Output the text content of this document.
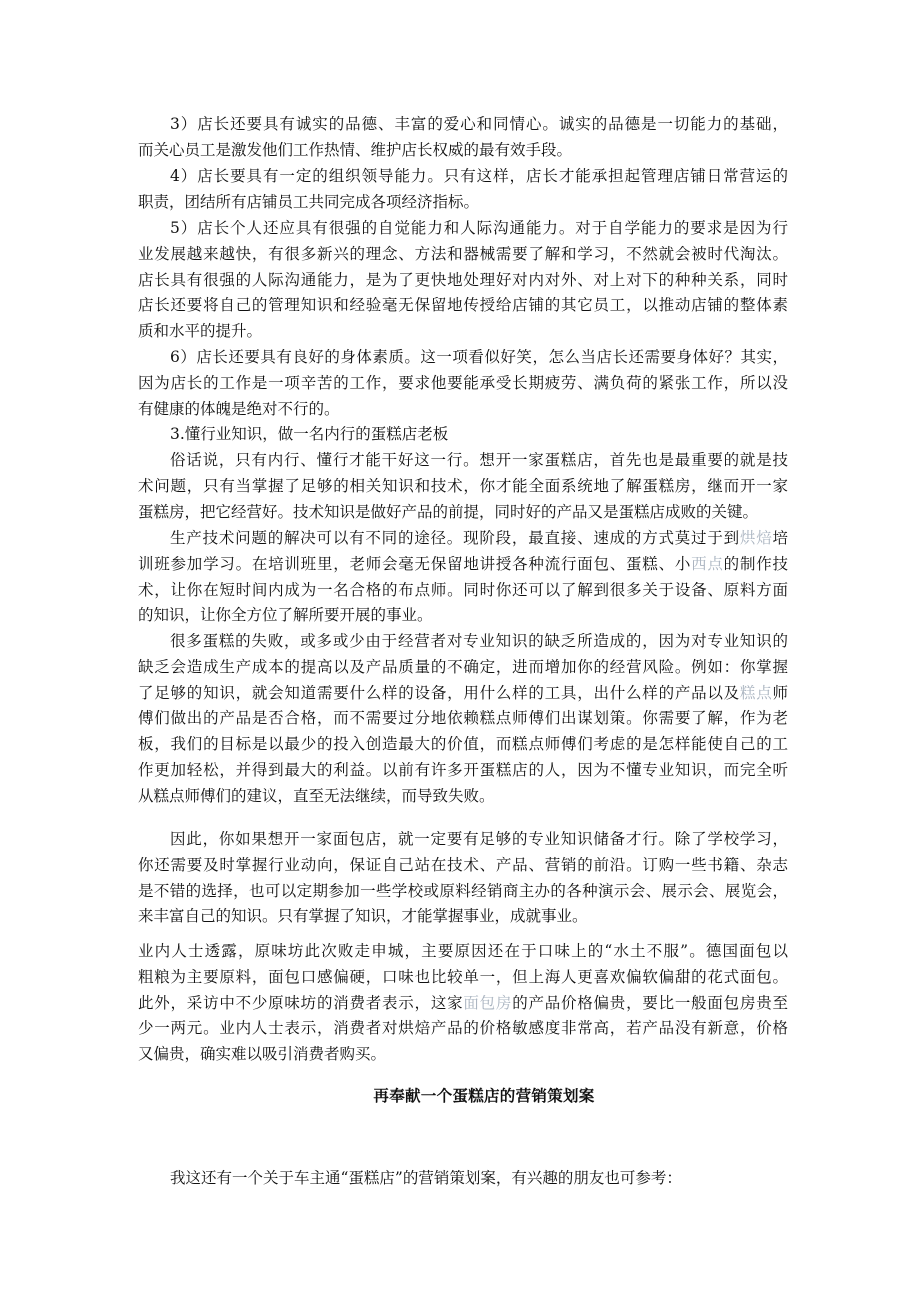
3）店长还要具有诚实的品德、丰富的爱心和同情心。诚实的品德是一切能力的基础，
而关心员工是激发他们工作热情、维护店长权威的最有效手段。
4）店长要具有一定的组织领导能力。只有这样，店长才能承担起管理店铺日常营运的
职责，团结所有店铺员工共同完成各项经济指标。
5）店长个人还应具有很强的自觉能力和人际沟通能力。对于自学能力的要求是因为行
业发展越来越快，有很多新兴的理念、方法和器械需要了解和学习，不然就会被时代淘汰。
店长具有很强的人际沟通能力，是为了更快地处理好对内对外、对上对下的种种关系，同时
店长还要将自己的管理知识和经验毫无保留地传授给店铺的其它员工，以推动店铺的整体素
质和水平的提升。
6）店长还要具有良好的身体素质。这一项看似好笑，怎么当店长还需要身体好？其实，
因为店长的工作是一项辛苦的工作，要求他要能承受长期疲劳、满负荷的紧张工作，所以没
有健康的体魄是绝对不行的。
3.懂行业知识，做一名内行的蛋糕店老板
俗话说，只有内行、懂行才能干好这一行。想开一家蛋糕店，首先也是最重要的就是技
术问题，只有当掌握了足够的相关知识和技术，你才能全面系统地了解蛋糕房，继而开一家
蛋糕房，把它经营好。技术知识是做好产品的前提，同时好的产品又是蛋糕店成败的关键。
生产技术问题的解决可以有不同的途径。现阶段，最直接、速成的方式莫过于到烘焙培
训班参加学习。在培训班里，老师会毫无保留地讲授各种流行面包、蛋糕、小西点的制作技
术，让你在短时间内成为一名合格的布点师。同时你还可以了解到很多关于设备、原料方面
的知识，让你全方位了解所要开展的事业。
很多蛋糕的失败，或多或少由于经营者对专业知识的缺乏所造成的，因为对专业知识的
缺乏会造成生产成本的提高以及产品质量的不确定，进而增加你的经营风险。例如：你掌握
了足够的知识，就会知道需要什么样的设备，用什么样的工具，出什么样的产品以及糕点师
傅们做出的产品是否合格，而不需要过分地依赖糕点师傅们出谋划策。你需要了解，作为老
板，我们的目标是以最少的投入创造最大的价值，而糕点师傅们考虑的是怎样能使自己的工
作更加轻松，并得到最大的利益。以前有许多开蛋糕店的人，因为不懂专业知识，而完全听
从糕点师傅们的建议，直至无法继续，而导致失败。
因此，你如果想开一家面包店，就一定要有足够的专业知识储备才行。除了学校学习，
你还需要及时掌握行业动向，保证自己站在技术、产品、营销的前沿。订购一些书籍、杂志
是不错的选择，也可以定期参加一些学校或原料经销商主办的各种演示会、展示会、展览会，
来丰富自己的知识。只有掌握了知识，才能掌握事业，成就事业。
业内人士透露，原味坊此次败走申城，主要原因还在于口味上的“水土不服”。德国面包以
粗粮为主要原料，面包口感偏硬，口味也比较单一，但上海人更喜欢偏软偏甜的花式面包。
此外，采访中不少原味坊的消费者表示，这家面包房的产品价格偏贵，要比一般面包房贵至
少一两元。业内人士表示，消费者对烘焙产品的价格敏感度非常高，若产品没有新意，价格
又偏贵，确实难以吸引消费者购买。
再奉献一个蛋糕店的营销策划案
我这还有一个关于车主通“蛋糕店”的营销策划案，有兴趣的朋友也可参考：
